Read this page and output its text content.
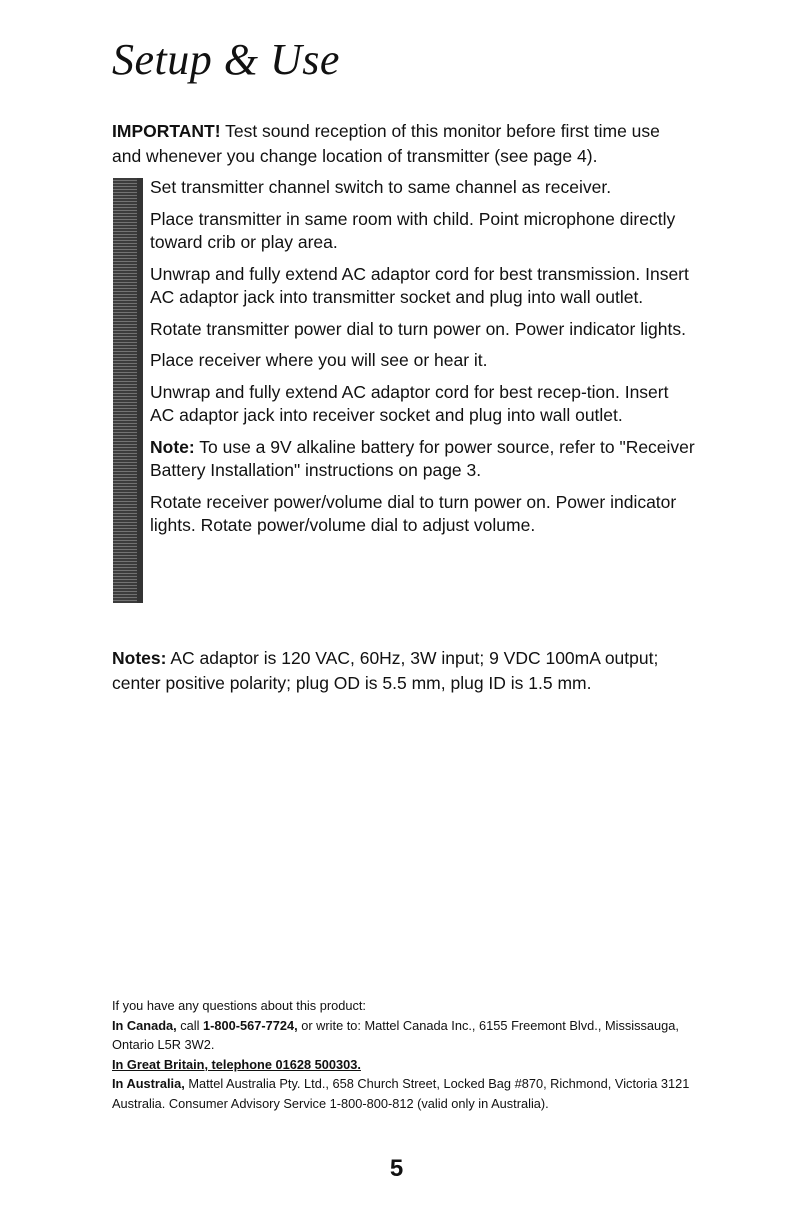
Setup & Use
IMPORTANT! Test sound reception of this monitor before first time use and whenever you change location of transmitter (see page 4).

Set transmitter channel switch to same channel as receiver.

Place transmitter in same room with child. Point microphone directly toward crib or play area.

Unwrap and fully extend AC adaptor cord for best transmission. Insert AC adaptor jack into transmitter socket and plug into wall outlet.

Rotate transmitter power dial to turn power on. Power indicator lights.

Place receiver where you will see or hear it.

Unwrap and fully extend AC adaptor cord for best recep-tion. Insert AC adaptor jack into receiver socket and plug into wall outlet.

Note: To use a 9V alkaline battery for power source, refer to "Receiver Battery Installation" instructions on page 3.

Rotate receiver power/volume dial to turn power on. Power indicator lights. Rotate power/volume dial to adjust volume.

Notes: AC adaptor is 120 VAC, 60Hz, 3W input; 9 VDC 100mA output; center positive polarity; plug OD is 5.5 mm, plug ID is 1.5 mm.

If you have any questions about this product:

In Canada, call 1-800-567-7724, or write to: Mattel Canada Inc., 6155 Freemont Blvd., Mississauga, Ontario L5R 3W2.

In Great Britain, telephone 01628 500303.

In Australia, Mattel Australia Pty. Ltd., 658 Church Street, Locked Bag #870, Richmond, Victoria 3121 Australia. Consumer Advisory Service 1-800-800-812 (valid only in Australia).

5
